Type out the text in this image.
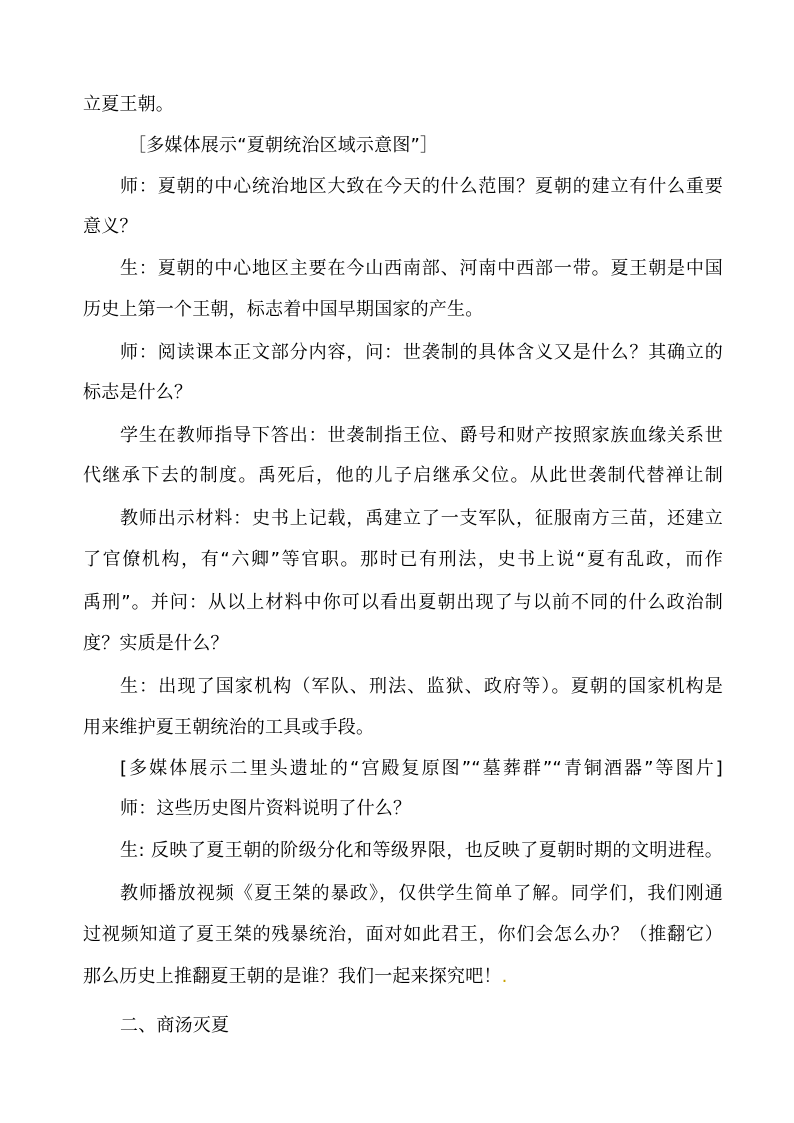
立夏王朝。
［多媒体展示“夏朝统治区域示意图”］
师：夏朝的中心统治地区大致在今天的什么范围？夏朝的建立有什么重要
意义？
生：夏朝的中心地区主要在今山西南部、河南中西部一带。夏王朝是中国
历史上第一个王朝，标志着中国早期国家的产生。
师：阅读课本正文部分内容，问：世袭制的具体含义又是什么？其确立的
标志是什么？
学生在教师指导下答出：世袭制指王位、爵号和财产按照家族血缘关系世
代继承下去的制度。禹死后，他的儿子启继承父位。从此世袭制代替禅让制
教师出示材料：史书上记载，禹建立了一支军队，征服南方三苗，还建立
了官僚机构，有“六卿”等官职。那时已有刑法，史书上说“夏有乱政，而作
禹刑”。并问：从以上材料中你可以看出夏朝出现了与以前不同的什么政治制
度？实质是什么？
生：出现了国家机构（军队、刑法、监狱、政府等）。夏朝的国家机构是
用来维护夏王朝统治的工具或手段。
[多媒体展示二里头遗址的“宫殿复原图”“墓葬群”“青铜酒器”等图片]
师：这些历史图片资料说明了什么？
生: 反映了夏王朝的阶级分化和等级界限，也反映了夏朝时期的文明进程。
教师播放视频《夏王桀的暴政》，仅供学生简单了解。同学们，我们刚通
过视频知道了夏王桀的残暴统治，面对如此君王，你们会怎么办？（推翻它）
那么历史上推翻夏王朝的是谁？我们一起来探究吧！.
二、商汤灭夏
